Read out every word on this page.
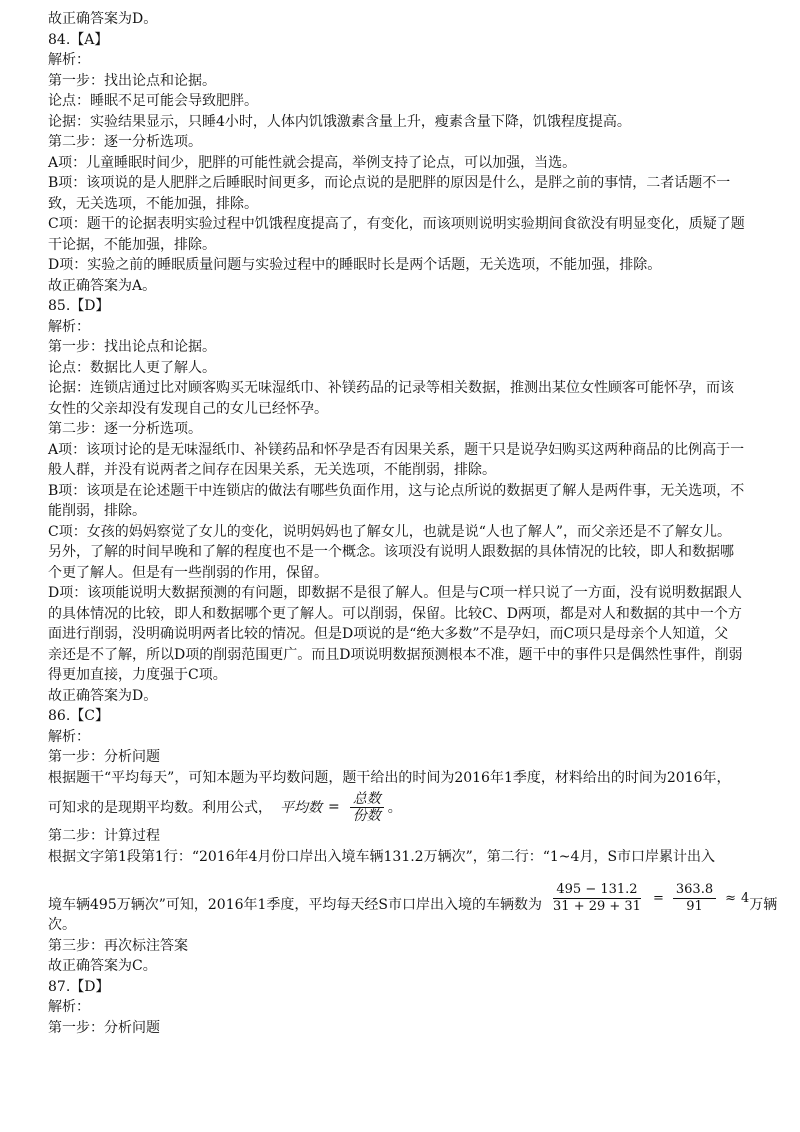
故正确答案为D。

84.【A】

解析：

第一步：找出论点和论据。

论点：睡眠不足可能会导致肥胖。

论据：实验结果显示，只睡4小时，人体内饥饿激素含量上升，瘦素含量下降，饥饿程度提高。

第二步：逐一分析选项。

A项：儿童睡眠时间少，肥胖的可能性就会提高，举例支持了论点，可以加强，当选。

B项：该项说的是人肥胖之后睡眠时间更多，而论点说的是肥胖的原因是什么，是胖之前的事情，二者话题不一

致，无关选项，不能加强，排除。

C项：题干的论据表明实验过程中饥饿程度提高了，有变化，而该项则说明实验期间食欲没有明显变化，质疑了题

干论据，不能加强，排除。

D项：实验之前的睡眠质量问题与实验过程中的睡眠时长是两个话题，无关选项，不能加强，排除。

故正确答案为A。

85.【D】

解析：

第一步：找出论点和论据。

论点：数据比人更了解人。

论据：连锁店通过比对顾客购买无味湿纸巾、补镁药品的记录等相关数据，推测出某位女性顾客可能怀孕，而该

女性的父亲却没有发现自己的女儿已经怀孕。

第二步：逐一分析选项。

A项：该项讨论的是无味湿纸巾、补镁药品和怀孕是否有因果关系，题干只是说孕妇购买这两种商品的比例高于一

般人群，并没有说两者之间存在因果关系，无关选项，不能削弱，排除。

B项：该项是在论述题干中连锁店的做法有哪些负面作用，这与论点所说的数据更了解人是两件事，无关选项，不

能削弱，排除。

C项：女孩的妈妈察觉了女儿的变化，说明妈妈也了解女儿，也就是说“人也了解人”，而父亲还是不了解女儿。

另外，了解的时间早晚和了解的程度也不是一个概念。该项没有说明人跟数据的具体情况的比较，即人和数据哪

个更了解人。但是有一些削弱的作用，保留。

D项：该项能说明大数据预测的有问题，即数据不是很了解人。但是与C项一样只说了一方面，没有说明数据跟人

的具体情况的比较，即人和数据哪个更了解人。可以削弱，保留。比较C、D两项，都是对人和数据的其中一个方

面进行削弱，没明确说明两者比较的情况。但是D项说的是“绝大多数”不是孕妇，而C项只是母亲个人知道，父

亲还是不了解，所以D项的削弱范围更广。而且D项说明数据预测根本不准，题干中的事件只是偶然性事件，削弱

得更加直接，力度强于C项。

故正确答案为D。

86.【C】

解析：

第一步：分析问题

根据题干“平均每天”，可知本题为平均数问题，题干给出的时间为2016年1季度，材料给出的时间为2016年，

可知求的是现期平均数。利用公式， 平均数 = $\frac{\text{总数}}{\text{份数}}$ 。

第二步：计算过程

根据文字第1段第1行：“2016年4月份口岸出入境车辆131.2万辆次”，第二行：“1~4月，S市口岸累计出入

境车辆495万辆次”可知，2016年1季度，平均每天经S市口岸出入境的车辆数为 $\frac{495 - 131.2}{31 + 29 + 31} = \frac{363.8}{91} \approx 4$ 万辆

次。

第三步：再次标注答案

故正确答案为C。

87.【D】

解析：

第一步：分析问题
